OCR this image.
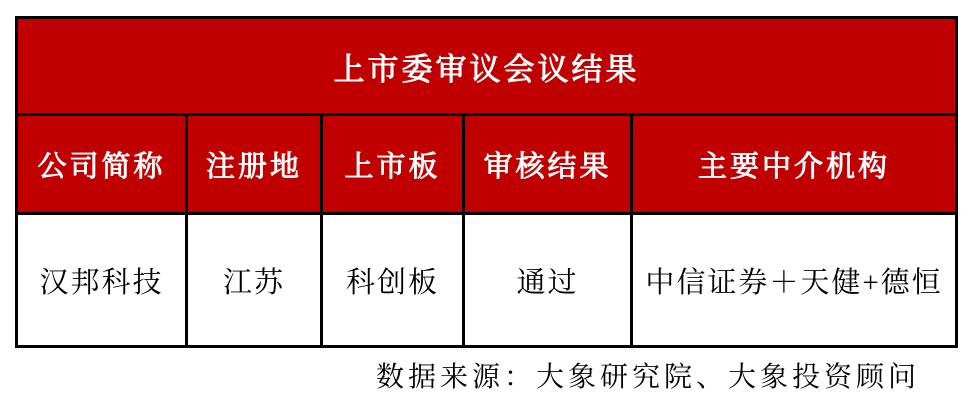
上市委审议会议结果				
公司简称	注册地	上市板	审核结果	主要中介机构
汉邦科技	江苏	科创板	通过	中信证券＋天健+德恒
数据来源：大象研究院、大象投资顾问
